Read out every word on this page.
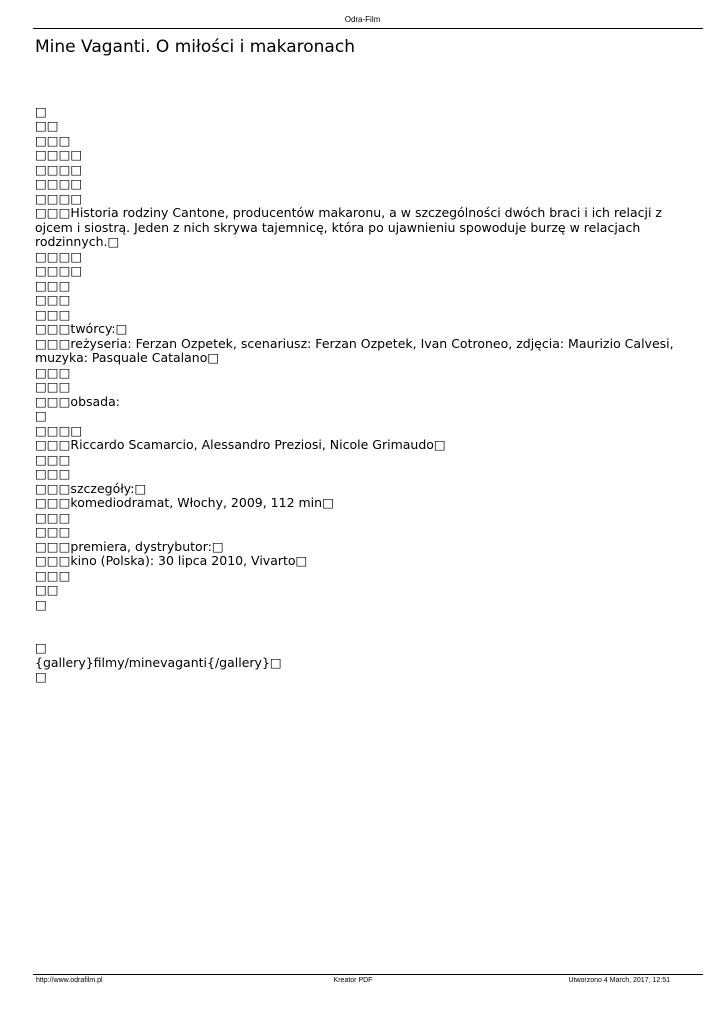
Odra-Film
Mine Vaganti. O miłości i makaronach
□
□□
□□□
□□□□
□□□□
□□□□
□□□□
□□□Historia rodziny Cantone, producentów makaronu, a w szczególności dwóch braci i ich relacji z ojcem i siostrą. Jeden z nich skrywa tajemnicę, która po ujawnieniu spowoduje burzę w relacjach rodzinnych.□
□□□□
□□□□
□□□
□□□
□□□
□□□twórcy:□
□□□reżyseria: Ferzan Ozpetek, scenariusz: Ferzan Ozpetek, Ivan Cotroneo, zdjęcia: Maurizio Calvesi, muzyka: Pasquale Catalano□
□□□
□□□
□□□obsada:
□
□□□□
□□□Riccardo Scamarcio, Alessandro Preziosi, Nicole Grimaudo□
□□□
□□□
□□□szczegóły:□
□□□komediodramat, Włochy, 2009, 112 min□
□□□
□□□
□□□premiera, dystrybutor:□
□□□kino (Polska): 30 lipca 2010, Vivarto□
□□□
□□
□
□
{gallery}filmy/minevaganti{/gallery}□
□
http://www.odrafilm.pl	Kreator PDF	Utworzono 4 March, 2017, 12:51
